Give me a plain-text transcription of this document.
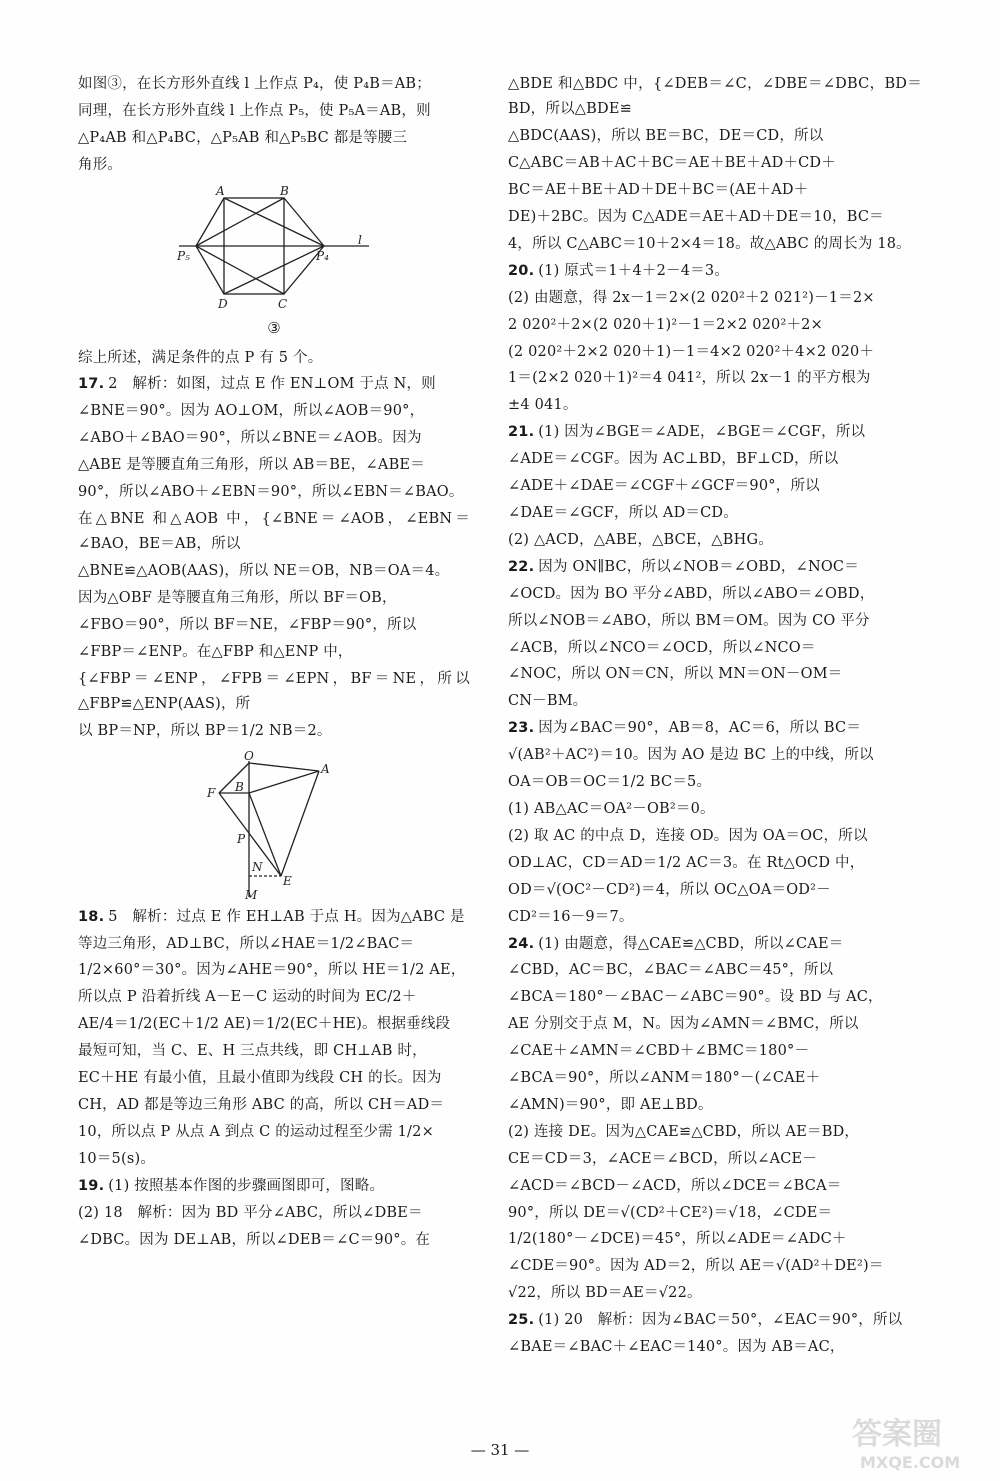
如图③，在长方形外直线 l 上作点 P₄，使 P₄B＝AB；

同理，在长方形外直线 l 上作点 P₅，使 P₅A＝AB，则

△P₄AB 和△P₄BC，△P₅AB 和△P₅BC 都是等腰三

角形。

A	B
D	C
P₅	P₄
l
③

综上所述，满足条件的点 P 有 5 个。

17. 2　解析：如图，过点 E 作 EN⊥OM 于点 N，则

∠BNE＝90°。因为 AO⊥OM，所以∠AOB＝90°，

∠ABO＋∠BAO＝90°，所以∠BNE＝∠AOB。因为

△ABE 是等腰直角三角形，所以 AB＝BE，∠ABE＝

90°，所以∠ABO＋∠EBN＝90°，所以∠EBN＝∠BAO。

在△BNE 和△AOB 中，{∠BNE＝∠AOB，∠EBN＝∠BAO，BE＝AB，所以

△BNE≌△AOB(AAS)，所以 NE＝OB，NB＝OA＝4。

因为△OBF 是等腰直角三角形，所以 BF＝OB，

∠FBO＝90°，所以 BF＝NE，∠FBP＝90°，所以

∠FBP＝∠ENP。在△FBP 和△ENP 中，

{∠FBP＝∠ENP，∠FPB＝∠EPN，BF＝NE，所以△FBP≌△ENP(AAS)，所

以 BP＝NP，所以 BP＝1/2 NB＝2。

O
A
F B
P
N
E
M

18. 5　解析：过点 E 作 EH⊥AB 于点 H。因为△ABC 是

等边三角形，AD⊥BC，所以∠HAE＝1/2∠BAC＝

1/2×60°＝30°。因为∠AHE＝90°，所以 HE＝1/2 AE，

所以点 P 沿着折线 A－E－C 运动的时间为 EC/2＋

AE/4＝1/2(EC＋1/2 AE)＝1/2(EC＋HE)。根据垂线段

最短可知，当 C、E、H 三点共线，即 CH⊥AB 时，

EC＋HE 有最小值，且最小值即为线段 CH 的长。因为

CH，AD 都是等边三角形 ABC 的高，所以 CH＝AD＝

10，所以点 P 从点 A 到点 C 的运动过程至少需 1/2×

10＝5(s)。

19. (1) 按照基本作图的步骤画图即可，图略。

(2) 18　解析：因为 BD 平分∠ABC，所以∠DBE＝

∠DBC。因为 DE⊥AB，所以∠DEB＝∠C＝90°。在

△BDE 和△BDC 中，{∠DEB＝∠C，∠DBE＝∠DBC，BD＝BD，所以△BDE≌

△BDC(AAS)，所以 BE＝BC，DE＝CD，所以

C△ABC＝AB＋AC＋BC＝AE＋BE＋AD＋CD＋

BC＝AE＋BE＋AD＋DE＋BC＝(AE＋AD＋

DE)＋2BC。因为 C△ADE＝AE＋AD＋DE＝10，BC＝

4，所以 C△ABC＝10＋2×4＝18。故△ABC 的周长为 18。

20. (1) 原式＝1＋4＋2－4＝3。

(2) 由题意，得 2x－1＝2×(2 020²＋2 021²)－1＝2×

2 020²＋2×(2 020＋1)²－1＝2×2 020²＋2×

(2 020²＋2×2 020＋1)－1＝4×2 020²＋4×2 020＋

1＝(2×2 020＋1)²＝4 041²，所以 2x－1 的平方根为

±4 041。

21. (1) 因为∠BGE＝∠ADE，∠BGE＝∠CGF，所以

∠ADE＝∠CGF。因为 AC⊥BD，BF⊥CD，所以

∠ADE＋∠DAE＝∠CGF＋∠GCF＝90°，所以

∠DAE＝∠GCF，所以 AD＝CD。

(2) △ACD，△ABE，△BCE，△BHG。

22. 因为 ON∥BC，所以∠NOB＝∠OBD，∠NOC＝

∠OCD。因为 BO 平分∠ABD，所以∠ABO＝∠OBD，

所以∠NOB＝∠ABO，所以 BM＝OM。因为 CO 平分

∠ACB，所以∠NCO＝∠OCD，所以∠NCO＝

∠NOC，所以 ON＝CN，所以 MN＝ON－OM＝

CN－BM。

23. 因为∠BAC＝90°，AB＝8，AC＝6，所以 BC＝

√(AB²＋AC²)＝10。因为 AO 是边 BC 上的中线，所以

OA＝OB＝OC＝1/2 BC＝5。

(1) AB△AC＝OA²－OB²＝0。

(2) 取 AC 的中点 D，连接 OD。因为 OA＝OC，所以

OD⊥AC，CD＝AD＝1/2 AC＝3。在 Rt△OCD 中，

OD＝√(OC²－CD²)＝4，所以 OC△OA＝OD²－

CD²＝16－9＝7。

24. (1) 由题意，得△CAE≌△CBD，所以∠CAE＝

∠CBD，AC＝BC，∠BAC＝∠ABC＝45°，所以

∠BCA＝180°－∠BAC－∠ABC＝90°。设 BD 与 AC，

AE 分别交于点 M，N。因为∠AMN＝∠BMC，所以

∠CAE＋∠AMN＝∠CBD＋∠BMC＝180°－

∠BCA＝90°，所以∠ANM＝180°－(∠CAE＋

∠AMN)＝90°，即 AE⊥BD。

(2) 连接 DE。因为△CAE≌△CBD，所以 AE＝BD，

CE＝CD＝3，∠ACE＝∠BCD，所以∠ACE－

∠ACD＝∠BCD－∠ACD，所以∠DCE＝∠BCA＝

90°，所以 DE＝√(CD²＋CE²)＝√18，∠CDE＝

1/2(180°－∠DCE)＝45°，所以∠ADE＝∠ADC＋

∠CDE＝90°。因为 AD＝2，所以 AE＝√(AD²＋DE²)＝

√22，所以 BD＝AE＝√22。

25. (1) 20　解析：因为∠BAC＝50°，∠EAC＝90°，所以

∠BAE＝∠BAC＋∠EAC＝140°。因为 AB＝AC，

— 31 —	答案圈
MXQE.COM
